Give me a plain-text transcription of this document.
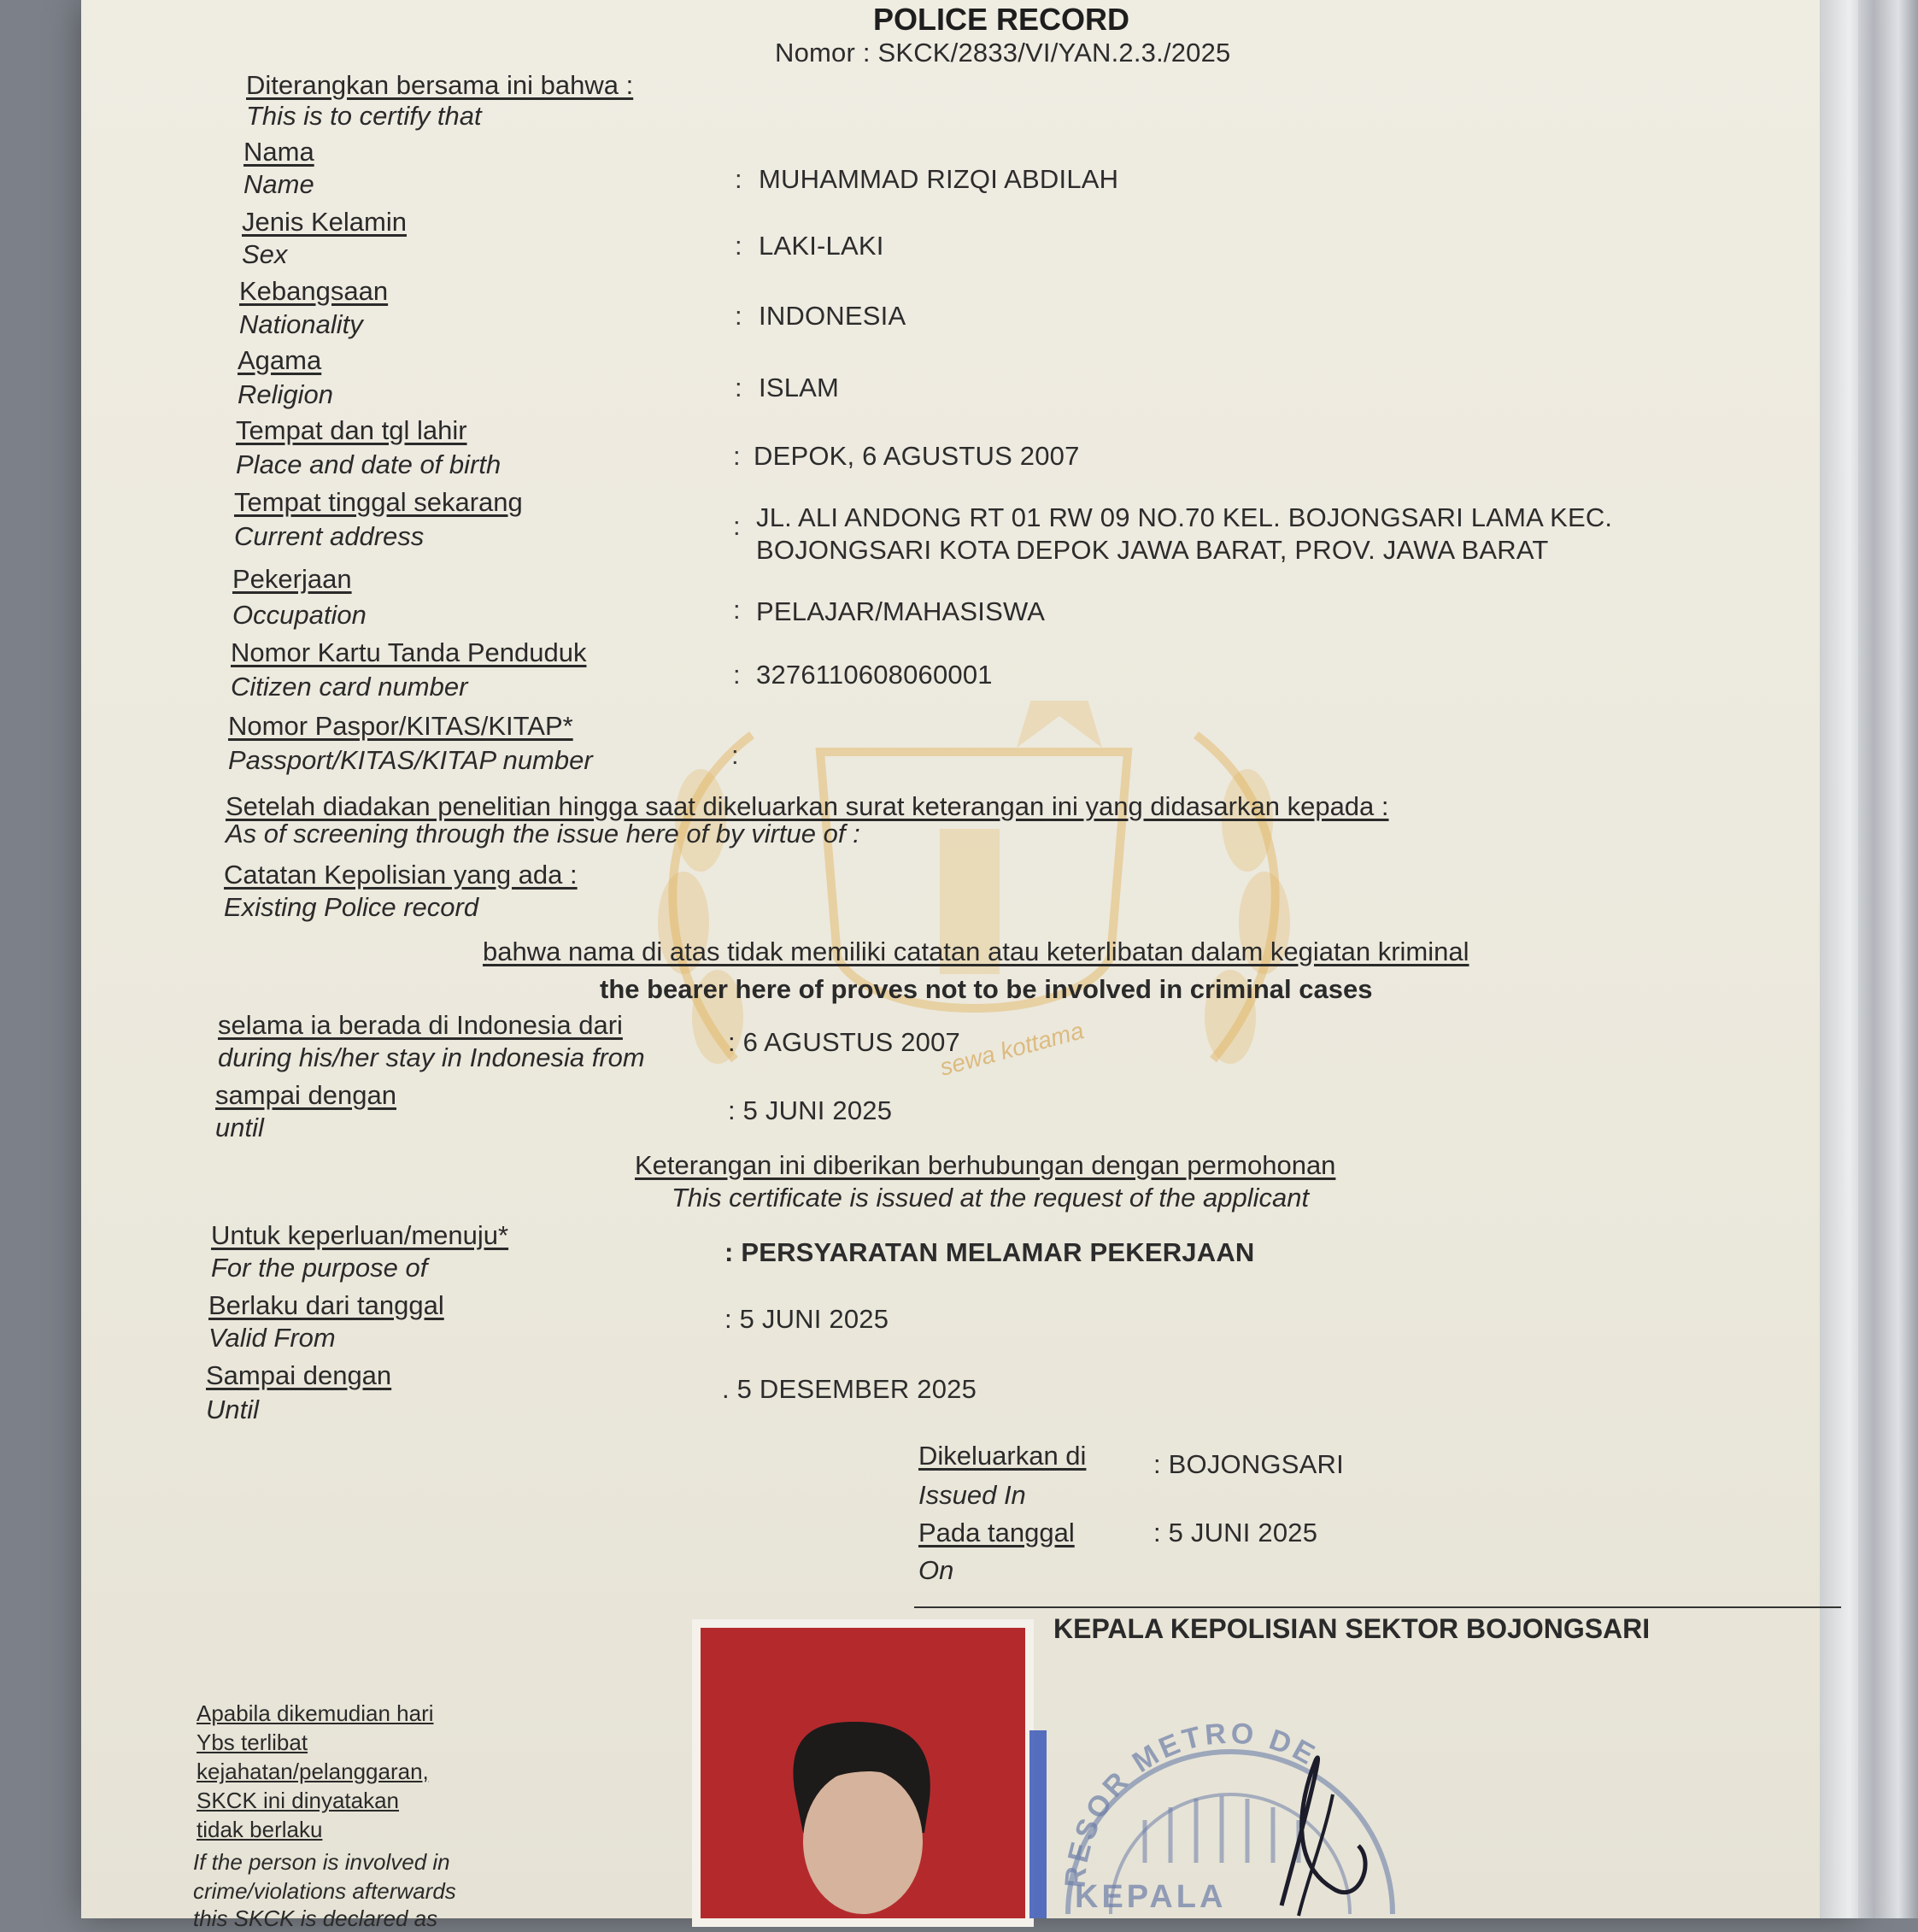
sewa kottama
POLICE RECORD
Nomor : SKCK/2833/VI/YAN.2.3./2025
Diterangkan bersama ini bahwa :
This is to certify that
Nama
Name	: MUHAMMAD RIZQI ABDILAH
Jenis Kelamin
Sex	: LAKI-LAKI
Kebangsaan
Nationality	: INDONESIA
Agama
Religion	: ISLAM
Tempat dan tgl lahir
Place and date of birth	: DEPOK, 6 AGUSTUS 2007
Tempat tinggal sekarang
Current address	: JL. ALI ANDONG RT 01 RW 09 NO.70 KEL. BOJONGSARI LAMA KEC.
BOJONGSARI KOTA DEPOK JAWA BARAT, PROV. JAWA BARAT
Pekerjaan
Occupation	: PELAJAR/MAHASISWA
Nomor Kartu Tanda Penduduk
Citizen card number	: 3276110608060001
Nomor Paspor/KITAS/KITAP*
Passport/KITAS/KITAP number	:
Setelah diadakan penelitian hingga saat dikeluarkan surat keterangan ini yang didasarkan kepada :
As of screening through the issue here of by virtue of :
Catatan Kepolisian yang ada :
Existing Police record
bahwa nama di atas tidak memiliki catatan atau keterlibatan dalam kegiatan kriminal
the bearer here of proves not to be involved in criminal cases
selama ia berada di Indonesia dari
during his/her stay in Indonesia from
: 6 AGUSTUS 2007
sampai dengan
until
: 5 JUNI 2025
Keterangan ini diberikan berhubungan dengan permohonan
This certificate is issued at the request of the applicant
Untuk keperluan/menuju*
For the purpose of
: PERSYARATAN MELAMAR PEKERJAAN
Berlaku dari tanggal
Valid From
: 5 JUNI 2025
Sampai dengan
Until
. 5 DESEMBER 2025
Dikeluarkan di
Issued In
: BOJONGSARI
Pada tanggal
On
: 5 JUNI 2025
KEPALA KEPOLISIAN SEKTOR BOJONGSARI
Apabila dikemudian hari
Ybs terlibat
kejahatan/pelanggaran,
SKCK ini dinyatakan
tidak berlaku
If the person is involved in
crime/violations afterwards
this SKCK is declared as
RESOR METRO DE
KEPALA
